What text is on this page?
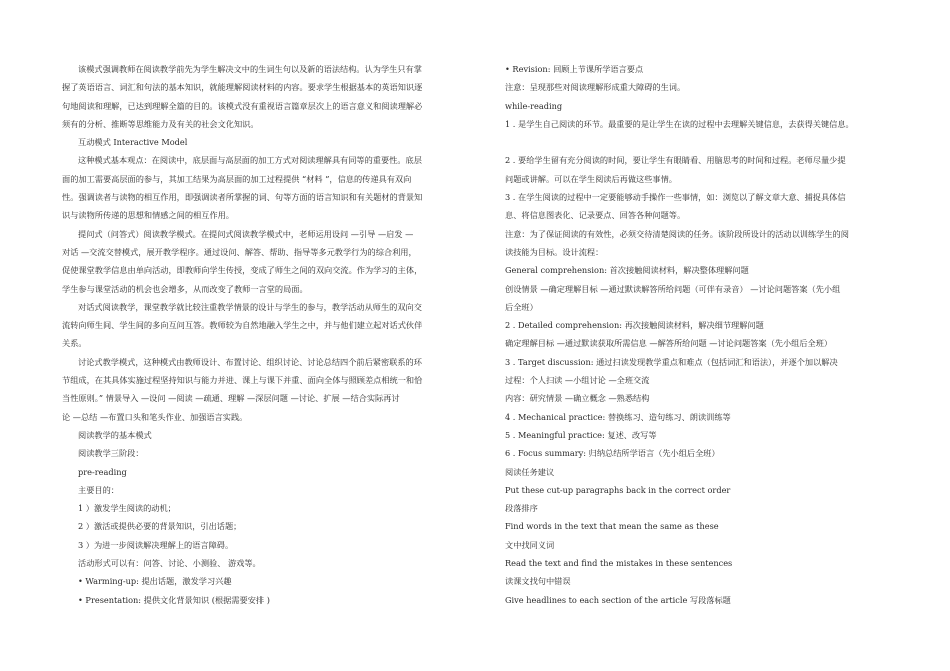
该模式强调教师在阅读教学前先为学生解决文中的生词生句以及新的语法结构。认为学生只有掌

握了英语语言、词汇和句法的基本知识，就能理解阅读材料的内容。要求学生根据基本的英语知识逐

句地阅读和理解，已达到理解全篇的目的。该模式没有重视语言篇章层次上的语言意义和阅读理解必

须有的分析、推断等思维能力及有关的社会文化知识。

互动模式 Interactive Model

这种模式基本观点：在阅读中，底层面与高层面的加工方式对阅读理解具有同等的重要性。底层

面的加工需要高层面的参与，其加工结果为高层面的加工过程提供 “材料 ”，信息的传递具有双向

性。强调读者与读物的相互作用，即强调读者所掌握的词、句等方面的语言知识和有关题材的背景知

识与读物所传递的思想和情感之间的相互作用。

提问式（问答式）阅读教学模式。在提问式阅读教学模式中，老师运用设问 —引导 —启发 —

对话 —交流交替模式，展开教学程序。通过设问、解答、帮助、指导等多元教学行为的综合利用，

促使课堂教学信息由单向活动，即教师向学生传授，变成了师生之间的双向交流。作为学习的主体，

学生参与课堂活动的机会也会增多，从而改变了教师一言堂的局面。

对话式阅读教学，课堂教学就比较注重教学情景的设计与学生的参与，教学活动从师生的双向交

流转向师生间、学生间的多向互问互答。教师较为自然地融入学生之中，并与他们建立起对话式伙伴

关系。

讨论式教学模式，这种模式由教师设计、布置讨论、组织讨论、讨论总结四个前后紧密联系的环

节组成，在其具体实施过程坚持知识与能力并进、课上与课下并重、面向全体与照顾差点相统一和恰

当性原则。” 情景导入 —设问 —阅读 —疏通、理解 —深层问题 —讨论、扩展 —结合实际再讨

论 —总结 —布置口头和笔头作业、加强语言实践。

阅读教学的基本模式

阅读教学三阶段：

pre-reading

主要目的：

1 ）激发学生阅读的动机；

2 ）激活或提供必要的背景知识，引出话题；

3 ）为进一步阅读解决理解上的语言障碍。

活动形式可以有：问答、讨论、小测验、 游戏等。

• Warming-up: 提出话题，激发学习兴趣

• Presentation: 提供文化背景知识 (根据需要安排 )

• Revision: 回顾上节课所学语言要点

注意：呈现那些对阅读理解形成重大障碍的生词。

while-reading

1 . 是学生自己阅读的环节。最重要的是让学生在读的过程中去理解关键信息，去获得关键信息。

2 . 要给学生留有充分阅读的时间，要让学生有眼睛看、用脑思考的时间和过程。老师尽量少提

问题或讲解。可以在学生阅读后再做这些事情。

3 . 在学生阅读的过程中一定要能够动手操作一些事情，如：浏览以了解文章大意、捕捉具体信

息、将信息图表化、记录要点、回答各种问题等。

注意：为了保证阅读的有效性，必须交待清楚阅读的任务。该阶段所设计的活动以训练学生的阅

读技能为目标。设计流程：

General comprehension: 首次接触阅读材料，解决整体理解问题

创设情景 —确定理解目标 —通过默读解答所给问题（可伴有录音） —讨论问题答案（先小组

后全班）

2 . Detailed comprehension: 再次接触阅读材料，解决细节理解问题

确定理解目标 —通过默读获取所需信息 —解答所给问题 —讨论问题答案（先小组后全班）

3 . Target discussion: 通过扫读发现教学重点和难点（包括词汇和语法），并逐个加以解决

过程：个人扫读 —小组讨论 —全班交流

内容：研究情景 —确立概念 —熟悉结构

4 . Mechanical practice: 替换练习、造句练习、朗读训练等

5 . Meaningful practice: 复述、改写等

6 . Focus summary: 归纳总结所学语言（先小组后全班）

阅读任务建议

Put these cut-up paragraphs back in the correct order

段落排序

Find words in the text that mean the same as these

文中找同义词

Read the text and find the mistakes in these sentences

读课文找句中错误

Give headlines to each section of the article 写段落标题
